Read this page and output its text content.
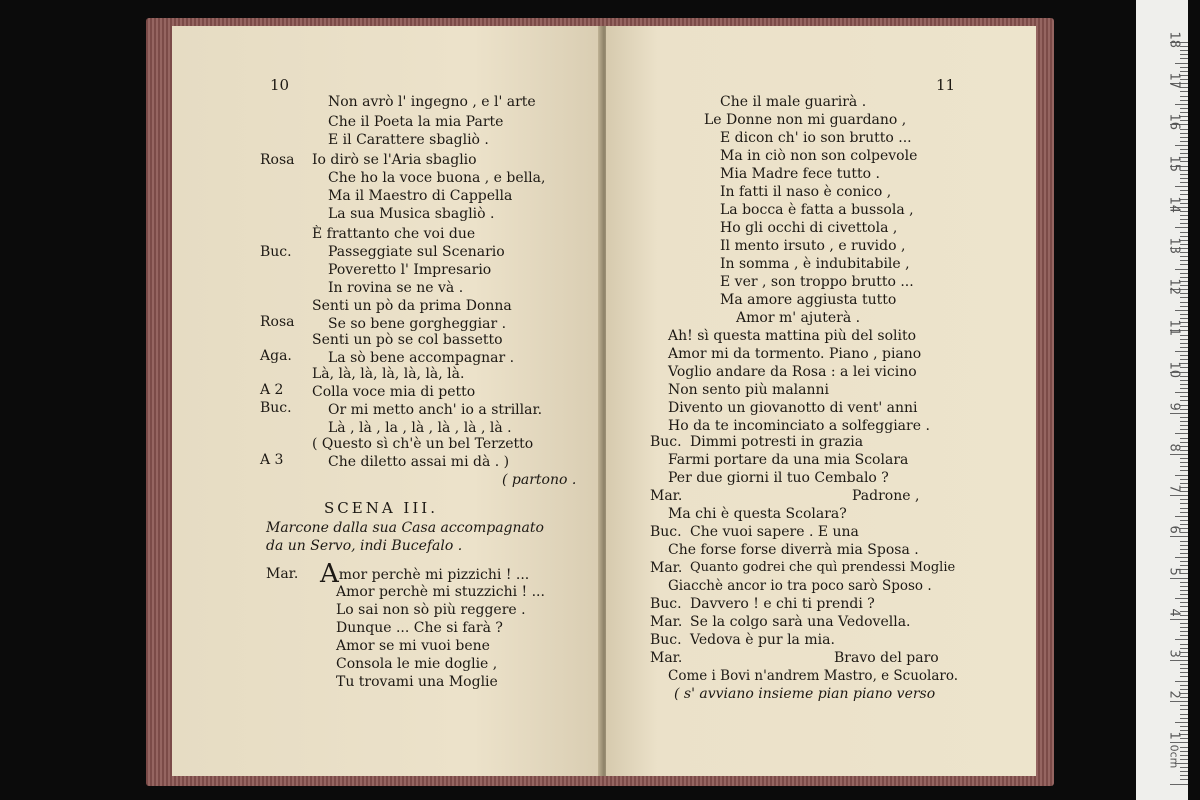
10
Rosa
Buc.
Rosa
Aga.
A 2
Buc.
A 3
Non avrò l' ingegno , e l' arte
Che il Poeta la mia Parte
E il Carattere sbagliò .
Io dirò se l'Aria sbaglio
Che ho la voce buona , e bella,
Ma il Maestro di Cappella
La sua Musica sbagliò .
È frattanto che voi due
Passeggiate sul Scenario
Poveretto l' Impresario
In rovina se ne và .
Senti un pò da prima Donna
Se so bene gorgheggiar .
Senti un pò se col bassetto
La sò bene accompagnar .
Là, là, là, là, là, là, là.
Colla voce mia di petto
Or mi metto anch' io a strillar.
Là , là , la , là , là , là , là .
( Questo sì ch'è un bel Terzetto
Che diletto assai mi dà . )
( partono .
SCENA III.
Marcone dalla sua Casa accompagnato
da un Servo, indi Bucefalo .
Mar. Amor perchè mi pizzichi ! ...
Amor perchè mi stuzzichi ! ...
Lo sai non sò più reggere .
Dunque ... Che si farà ?
Amor se mi vuoi bene
Consola le mie doglie ,
Tu trovami una Moglie
11
Che il male guarirà .
Le Donne non mi guardano ,
E dicon ch' io son brutto ...
Ma in ciò non son colpevole
Mia Madre fece tutto .
In fatti il naso è conico ,
La bocca è fatta a bussola ,
Ho gli occhi di civettola ,
Il mento irsuto , e ruvido ,
In somma , è indubitabile ,
E ver , son troppo brutto ...
Ma amore aggiusta tutto
Amor m' ajuterà .
Ah! sì questa mattina più del solito
Amor mi da tormento. Piano , piano
Voglio andare da Rosa : a lei vicino
Non sento più malanni
Divento un giovanotto di vent' anni
Ho da te incominciato a solfeggiare .
Buc. Dimmi potresti in grazia
Farmi portare da una mia Scolara
Per due giorni il tuo Cembalo ?
Mar.	Padrone ,
Ma chi è questa Scolara?
Buc. Che vuoi sapere . E una
Che forse forse diverrà mia Sposa .
Mar. Quanto godrei che quì prendessi Moglie
Giacchè ancor io tra poco sarò Sposo .
Buc. Davvero ! e chi ti prendi ?
Mar. Se la colgo sarà una Vedovella.
Buc. Vedova è pur la mia.
Mar.	Bravo del paro
Come i Bovi n'andrem Mastro, e Scuolaro.
( s' avviano insieme pian piano verso
18
17
16
15
14
13
12
11
10
9
8
7
6
5
4
3
2
1
0cm
